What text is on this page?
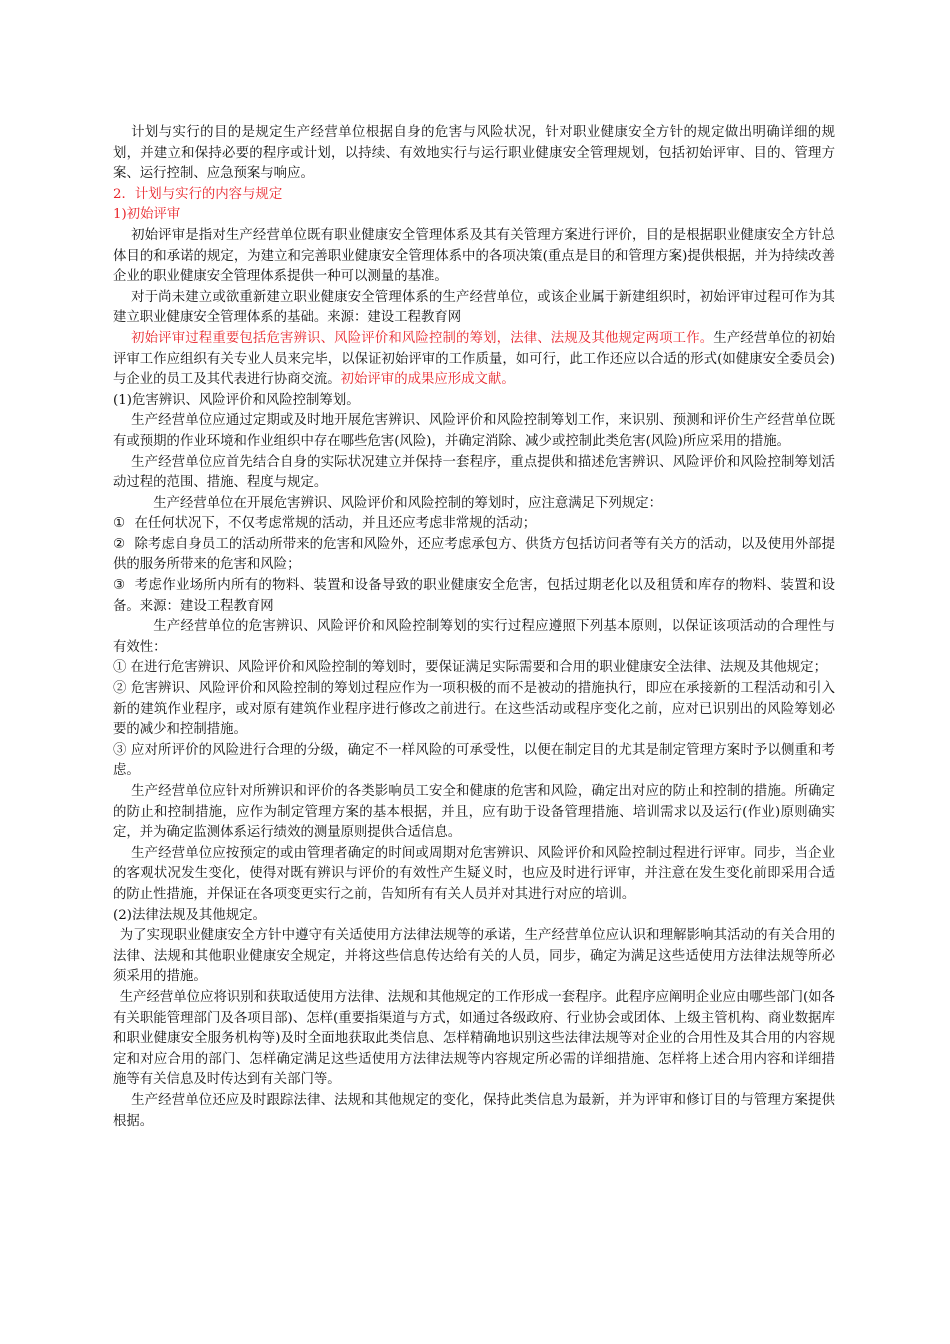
计划与实行的目的是规定生产经营单位根据自身的危害与风险状况，针对职业健康安全方针的规定做出明确详细的规划，并建立和保持必要的程序或计划，以持续、有效地实行与运行职业健康安全管理规划，包括初始评审、目的、管理方案、运行控制、应急预案与响应。

2．计划与实行的内容与规定

1)初始评审

初始评审是指对生产经营单位既有职业健康安全管理体系及其有关管理方案进行评价，目的是根据职业健康安全方针总体目的和承诺的规定，为建立和完善职业健康安全管理体系中的各项决策(重点是目的和管理方案)提供根据，并为持续改善企业的职业健康安全管理体系提供一种可以测量的基准。

对于尚未建立或欲重新建立职业健康安全管理体系的生产经营单位，或该企业属于新建组织时，初始评审过程可作为其建立职业健康安全管理体系的基础。来源：建设工程教育网

初始评审过程重要包括危害辨识、风险评价和风险控制的筹划，法律、法规及其他规定两项工作。生产经营单位的初始评审工作应组织有关专业人员来完毕，以保证初始评审的工作质量，如可行，此工作还应以合适的形式(如健康安全委员会)与企业的员工及其代表进行协商交流。初始评审的成果应形成文献。

(1)危害辨识、风险评价和风险控制筹划。

生产经营单位应通过定期或及时地开展危害辨识、风险评价和风险控制筹划工作，来识别、预测和评价生产经营单位既有或预期的作业环境和作业组织中存在哪些危害(风险)，并确定消除、减少或控制此类危害(风险)所应采用的措施。

生产经营单位应首先结合自身的实际状况建立并保持一套程序，重点提供和描述危害辨识、风险评价和风险控制筹划活动过程的范围、措施、程度与规定。

生产经营单位在开展危害辨识、风险评价和风险控制的筹划时，应注意满足下列规定：

① 在任何状况下，不仅考虑常规的活动，并且还应考虑非常规的活动；

② 除考虑自身员工的活动所带来的危害和风险外，还应考虑承包方、供货方包括访问者等有关方的活动，以及使用外部提供的服务所带来的危害和风险；

③ 考虑作业场所内所有的物料、装置和设备导致的职业健康安全危害，包括过期老化以及租赁和库存的物料、装置和设备。来源：建设工程教育网

生产经营单位的危害辨识、风险评价和风险控制筹划的实行过程应遵照下列基本原则，以保证该项活动的合理性与有效性：

① 在进行危害辨识、风险评价和风险控制的筹划时，要保证满足实际需要和合用的职业健康安全法律、法规及其他规定；

② 危害辨识、风险评价和风险控制的筹划过程应作为一项积极的而不是被动的措施执行，即应在承接新的工程活动和引入新的建筑作业程序，或对原有建筑作业程序进行修改之前进行。在这些活动或程序变化之前，应对已识别出的风险筹划必要的减少和控制措施。

③ 应对所评价的风险进行合理的分级，确定不一样风险的可承受性，以便在制定目的尤其是制定管理方案时予以侧重和考虑。

生产经营单位应针对所辨识和评价的各类影响员工安全和健康的危害和风险，确定出对应的防止和控制的措施。所确定的防止和控制措施，应作为制定管理方案的基本根据，并且，应有助于设备管理措施、培训需求以及运行(作业)原则确实定，并为确定监测体系运行绩效的测量原则提供合适信息。

生产经营单位应按预定的或由管理者确定的时间或周期对危害辨识、风险评价和风险控制过程进行评审。同步，当企业的客观状况发生变化，使得对既有辨识与评价的有效性产生疑义时，也应及时进行评审，并注意在发生变化前即采用合适的防止性措施，并保证在各项变更实行之前，告知所有有关人员并对其进行对应的培训。

(2)法律法规及其他规定。

为了实现职业健康安全方针中遵守有关适使用方法律法规等的承诺，生产经营单位应认识和理解影响其活动的有关合用的法律、法规和其他职业健康安全规定，并将这些信息传达给有关的人员，同步，确定为满足这些适使用方法律法规等所必须采用的措施。

生产经营单位应将识别和获取适使用方法律、法规和其他规定的工作形成一套程序。此程序应阐明企业应由哪些部门(如各有关职能管理部门及各项目部)、怎样(重要指渠道与方式，如通过各级政府、行业协会或团体、上级主管机构、商业数据库和职业健康安全服务机构等)及时全面地获取此类信息、怎样精确地识别这些法律法规等对企业的合用性及其合用的内容规定和对应合用的部门、怎样确定满足这些适使用方法律法规等内容规定所必需的详细措施、怎样将上述合用内容和详细措施等有关信息及时传达到有关部门等。

生产经营单位还应及时跟踪法律、法规和其他规定的变化，保持此类信息为最新，并为评审和修订目的与管理方案提供根据。
